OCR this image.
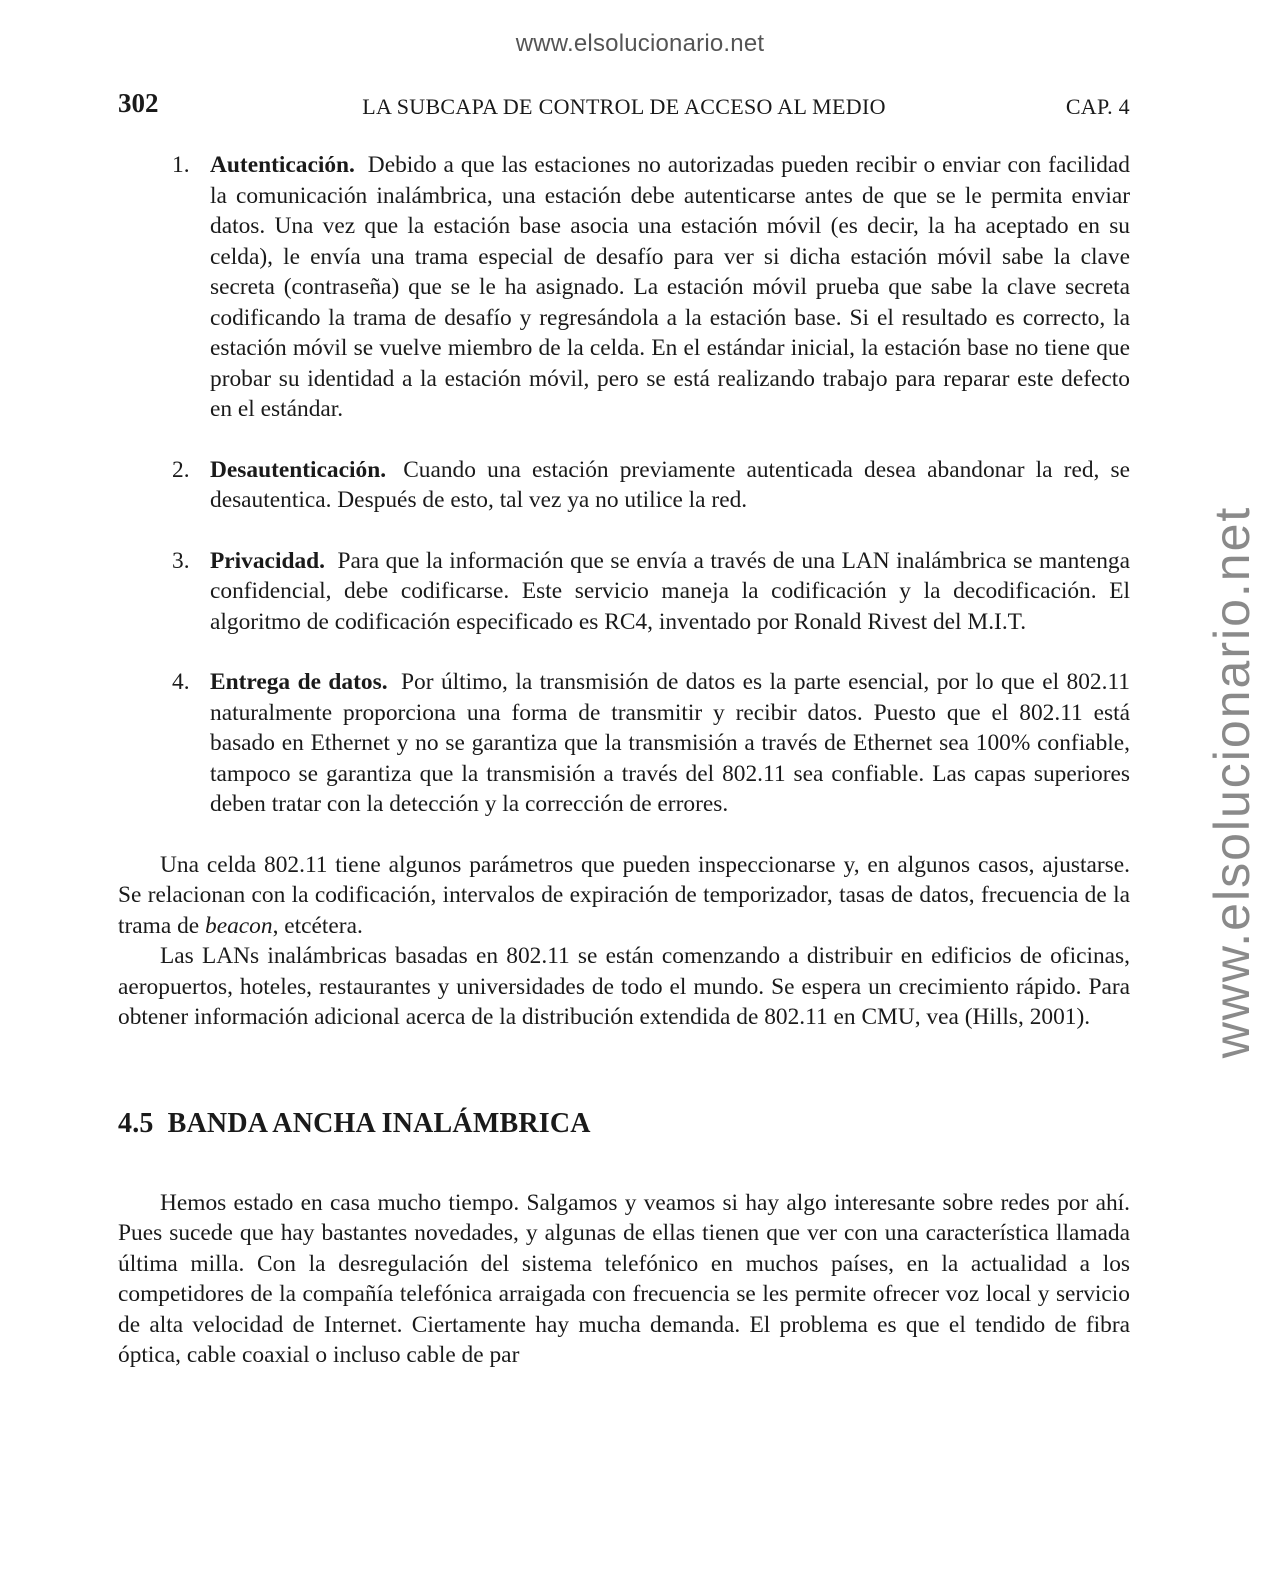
www.elsolucionario.net
www.elsolucionario.net
302	LA SUBCAPA DE CONTROL DE ACCESO AL MEDIO	CAP. 4
1. Autenticación. Debido a que las estaciones no autorizadas pueden recibir o enviar con facilidad la comunicación inalámbrica, una estación debe autenticarse antes de que se le permita enviar datos. Una vez que la estación base asocia una estación móvil (es decir, la ha aceptado en su celda), le envía una trama especial de desafío para ver si dicha estación móvil sabe la clave secreta (contraseña) que se le ha asignado. La estación móvil prueba que sabe la clave secreta codificando la trama de desafío y regresándola a la estación base. Si el resultado es correcto, la estación móvil se vuelve miembro de la celda. En el estándar inicial, la estación base no tiene que probar su identidad a la estación móvil, pero se está realizando trabajo para reparar este defecto en el estándar.
2. Desautenticación. Cuando una estación previamente autenticada desea abandonar la red, se desautentica. Después de esto, tal vez ya no utilice la red.
3. Privacidad. Para que la información que se envía a través de una LAN inalámbrica se mantenga confidencial, debe codificarse. Este servicio maneja la codificación y la decodificación. El algoritmo de codificación especificado es RC4, inventado por Ronald Rivest del M.I.T.
4. Entrega de datos. Por último, la transmisión de datos es la parte esencial, por lo que el 802.11 naturalmente proporciona una forma de transmitir y recibir datos. Puesto que el 802.11 está basado en Ethernet y no se garantiza que la transmisión a través de Ethernet sea 100% confiable, tampoco se garantiza que la transmisión a través del 802.11 sea confiable. Las capas superiores deben tratar con la detección y la corrección de errores.

Una celda 802.11 tiene algunos parámetros que pueden inspeccionarse y, en algunos casos, ajustarse. Se relacionan con la codificación, intervalos de expiración de temporizador, tasas de datos, frecuencia de la trama de beacon, etcétera.

Las LANs inalámbricas basadas en 802.11 se están comenzando a distribuir en edificios de oficinas, aeropuertos, hoteles, restaurantes y universidades de todo el mundo. Se espera un crecimiento rápido. Para obtener información adicional acerca de la distribución extendida de 802.11 en CMU, vea (Hills, 2001).

4.5 BANDA ANCHA INALÁMBRICA

Hemos estado en casa mucho tiempo. Salgamos y veamos si hay algo interesante sobre redes por ahí. Pues sucede que hay bastantes novedades, y algunas de ellas tienen que ver con una característica llamada última milla. Con la desregulación del sistema telefónico en muchos países, en la actualidad a los competidores de la compañía telefónica arraigada con frecuencia se les permite ofrecer voz local y servicio de alta velocidad de Internet. Ciertamente hay mucha demanda. El problema es que el tendido de fibra óptica, cable coaxial o incluso cable de par
